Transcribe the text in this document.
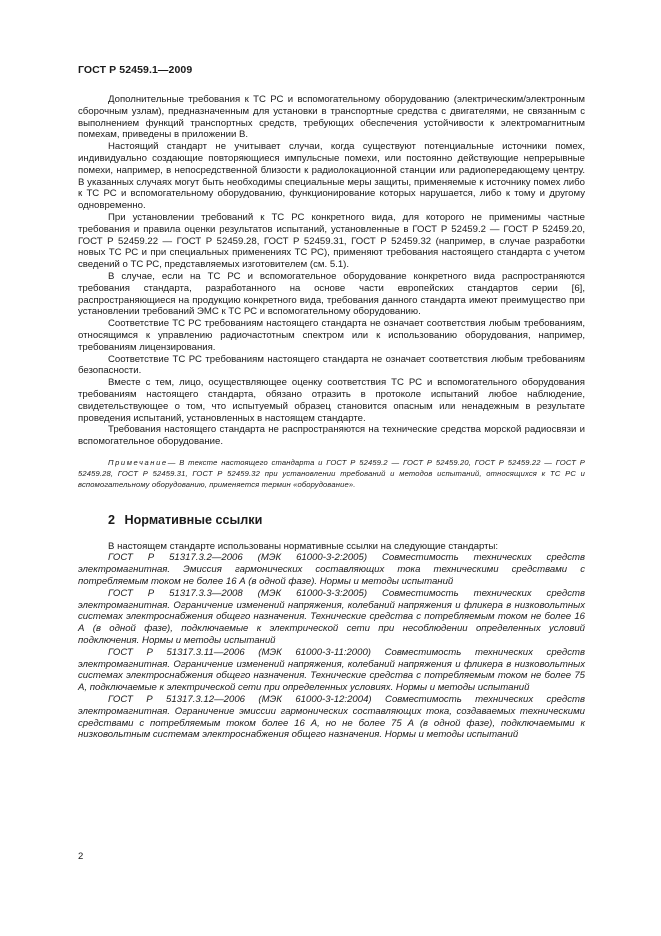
ГОСТ Р 52459.1—2009

Дополнительные требования к ТС РС и вспомогательному оборудованию (электрическим/электронным сборочным узлам), предназначенным для установки в транспортные средства с двигателями, не связанным с выполнением функций транспортных средств, требующих обеспечения устойчивости к электромагнитным помехам, приведены в приложении В.

Настоящий стандарт не учитывает случаи, когда существуют потенциальные источники помех, индивидуально создающие повторяющиеся импульсные помехи, или постоянно действующие непрерывные помехи, например, в непосредственной близости к радиолокационной станции или радиопередающему центру. В указанных случаях могут быть необходимы специальные меры защиты, применяемые к источнику помех либо к ТС РС и вспомогательному оборудованию, функционирование которых нарушается, либо к тому и другому одновременно.

При установлении требований к ТС РС конкретного вида, для которого не применимы частные требования и правила оценки результатов испытаний, установленные в ГОСТ Р 52459.2 — ГОСТ Р 52459.20, ГОСТ Р 52459.22 — ГОСТ Р 52459.28, ГОСТ Р 52459.31, ГОСТ Р 52459.32 (например, в случае разработки новых ТС РС и при специальных применениях ТС РС), применяют требования настоящего стандарта с учетом сведений о ТС РС, представляемых изготовителем (см. 5.1).

В случае, если на ТС РС и вспомогательное оборудование конкретного вида распространяются требования стандарта, разработанного на основе части европейских стандартов серии [6], распространяющиеся на продукцию конкретного вида, требования данного стандарта имеют преимущество при установлении требований ЭМС к ТС РС и вспомогательному оборудованию.

Соответствие ТС РС требованиям настоящего стандарта не означает соответствия любым требованиям, относящимся к управлению радиочастотным спектром или к использованию оборудования, например, требованиям лицензирования.

Соответствие ТС РС требованиям настоящего стандарта не означает соответствия любым требованиям безопасности.

Вместе с тем, лицо, осуществляющее оценку соответствия ТС РС и вспомогательного оборудования требованиям настоящего стандарта, обязано отразить в протоколе испытаний любое наблюдение, свидетельствующее о том, что испытуемый образец становится опасным или ненадежным в результате проведения испытаний, установленных в настоящем стандарте.

Требования настоящего стандарта не распространяются на технические средства морской радиосвязи и вспомогательное оборудование.

Примечание— В тексте настоящего стандарта и ГОСТ Р 52459.2 — ГОСТ Р 52459.20, ГОСТ Р 52459.22 — ГОСТ Р 52459.28, ГОСТ Р 52459.31, ГОСТ Р 52459.32 при установлении требований и методов испытаний, относящихся к ТС РС и вспомогательному оборудованию, применяется термин «оборудование».
2 Нормативные ссылки

В настоящем стандарте использованы нормативные ссылки на следующие стандарты:

ГОСТ Р 51317.3.2—2006 (МЭК 61000-3-2:2005) Совместимость технических средств электромагнитная. Эмиссия гармонических составляющих тока техническими средствами с потребляемым током не более 16 А (в одной фазе). Нормы и методы испытаний

ГОСТ Р 51317.3.3—2008 (МЭК 61000-3-3:2005) Совместимость технических средств электромагнитная. Ограничение изменений напряжения, колебаний напряжения и фликера в низковольтных системах электроснабжения общего назначения. Технические средства с потребляемым током не более 16 А (в одной фазе), подключаемые к электрической сети при несоблюдении определенных условий подключения. Нормы и методы испытаний

ГОСТ Р 51317.3.11—2006 (МЭК 61000-3-11:2000) Совместимость технических средств электромагнитная. Ограничение изменений напряжения, колебаний напряжения и фликера в низковольтных системах электроснабжения общего назначения. Технические средства с потребляемым током не более 75 А, подключаемые к электрической сети при определенных условиях. Нормы и методы испытаний

ГОСТ Р 51317.3.12—2006 (МЭК 61000-3-12:2004) Совместимость технических средств электромагнитная. Ограничение эмиссии гармонических составляющих тока, создаваемых техническими средствами с потребляемым током более 16 А, но не более 75 А (в одной фазе), подключаемыми к низковольтным системам электроснабжения общего назначения. Нормы и методы испытаний

2
